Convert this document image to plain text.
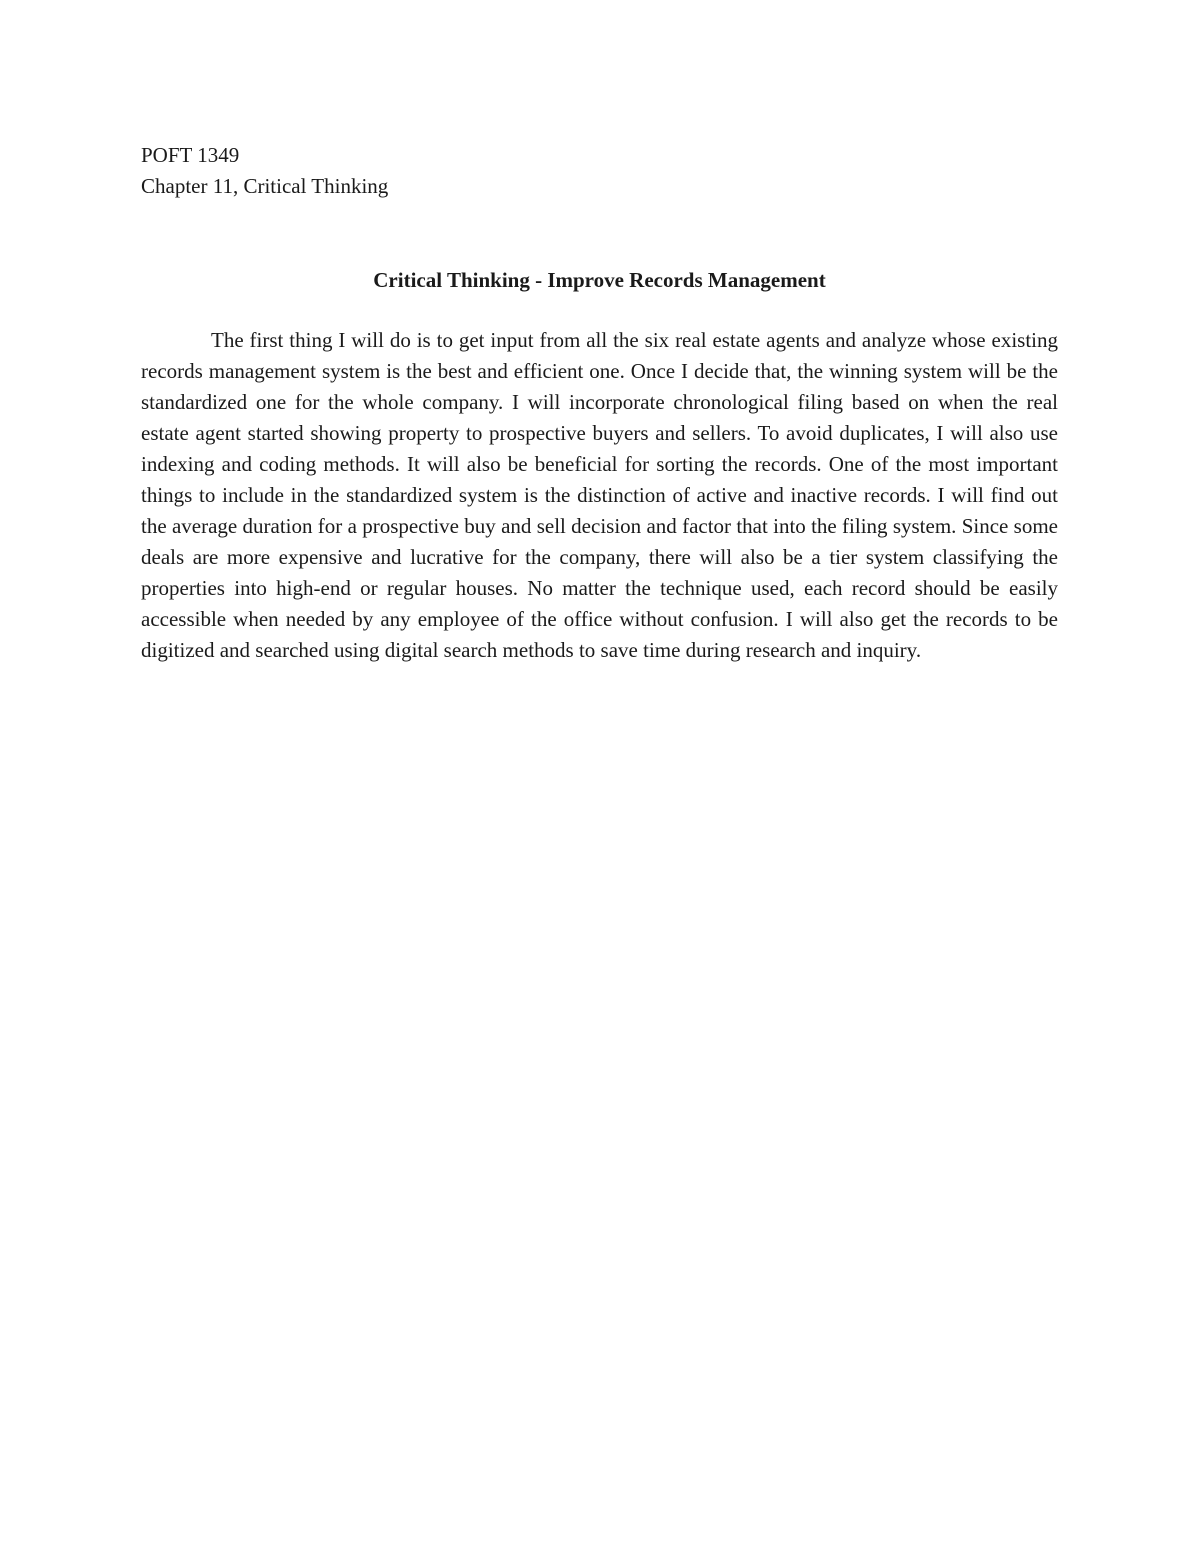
POFT 1349

Chapter 11, Critical Thinking

Critical Thinking - Improve Records Management

The first thing I will do is to get input from all the six real estate agents and analyze whose existing records management system is the best and efficient one. Once I decide that, the winning system will be the standardized one for the whole company. I will incorporate chronological filing based on when the real estate agent started showing property to prospective buyers and sellers. To avoid duplicates, I will also use indexing and coding methods. It will also be beneficial for sorting the records. One of the most important things to include in the standardized system is the distinction of active and inactive records. I will find out the average duration for a prospective buy and sell decision and factor that into the filing system. Since some deals are more expensive and lucrative for the company, there will also be a tier system classifying the properties into high-end or regular houses. No matter the technique used, each record should be easily accessible when needed by any employee of the office without confusion. I will also get the records to be digitized and searched using digital search methods to save time during research and inquiry.
